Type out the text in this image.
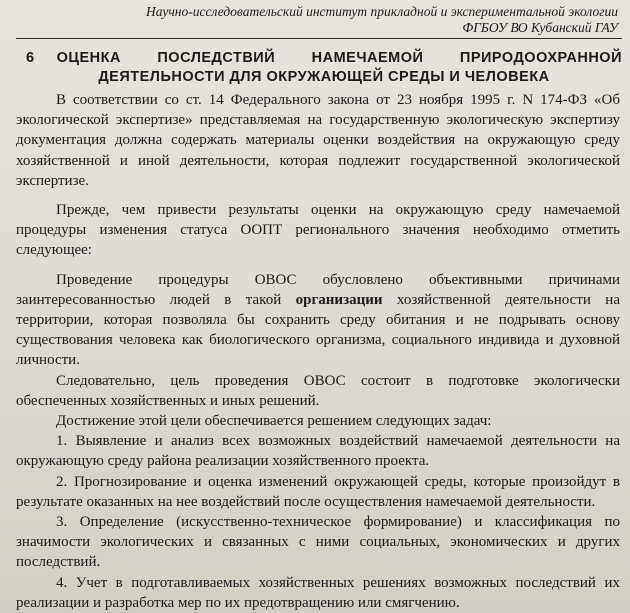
Научно-исследовательский институт прикладной и экспериментальной экологии
ФГБОУ ВО Кубанский ГАУ
6 ОЦЕНКА ПОСЛЕДСТВИЙ НАМЕЧАЕМОЙ ПРИРОДООХРАННОЙ ДЕЯТЕЛЬНОСТИ ДЛЯ ОКРУЖАЮЩЕЙ СРЕДЫ И ЧЕЛОВЕКА

В соответствии со ст. 14 Федерального закона от 23 ноября 1995 г. N 174-ФЗ «Об экологической экспертизе» представляемая на государственную экологическую экспертизу документация должна содержать материалы оценки воздействия на окружающую среду хозяйственной и иной деятельности, которая подлежит государственной экологической экспертизе.

Прежде, чем привести результаты оценки на окружающую среду намечаемой процедуры изменения статуса ООПТ регионального значения необходимо отметить следующее:

Проведение процедуры ОВОС обусловлено объективными причинами заинтересованностью людей в такой организации хозяйственной деятельности на территории, которая позволяла бы сохранить среду обитания и не подрывать основу существования человека как биологического организма, социального индивида и духовной личности.

Следовательно, цель проведения ОВОС состоит в подготовке экологически обеспеченных хозяйственных и иных решений.

Достижение этой цели обеспечивается решением следующих задач:

1. Выявление и анализ всех возможных воздействий намечаемой деятельности на окружающую среду района реализации хозяйственного проекта.

2. Прогнозирование и оценка изменений окружающей среды, которые произойдут в результате оказанных на нее воздействий после осуществления намечаемой деятельности.

3. Определение (искусственно-техническое формирование) и классификация по значимости экологических и связанных с ними социальных, экономических и других последствий.

4. Учет в подготавливаемых хозяйственных решениях возможных последствий их реализации и разработка мер по их предотвращению или смягчению.
